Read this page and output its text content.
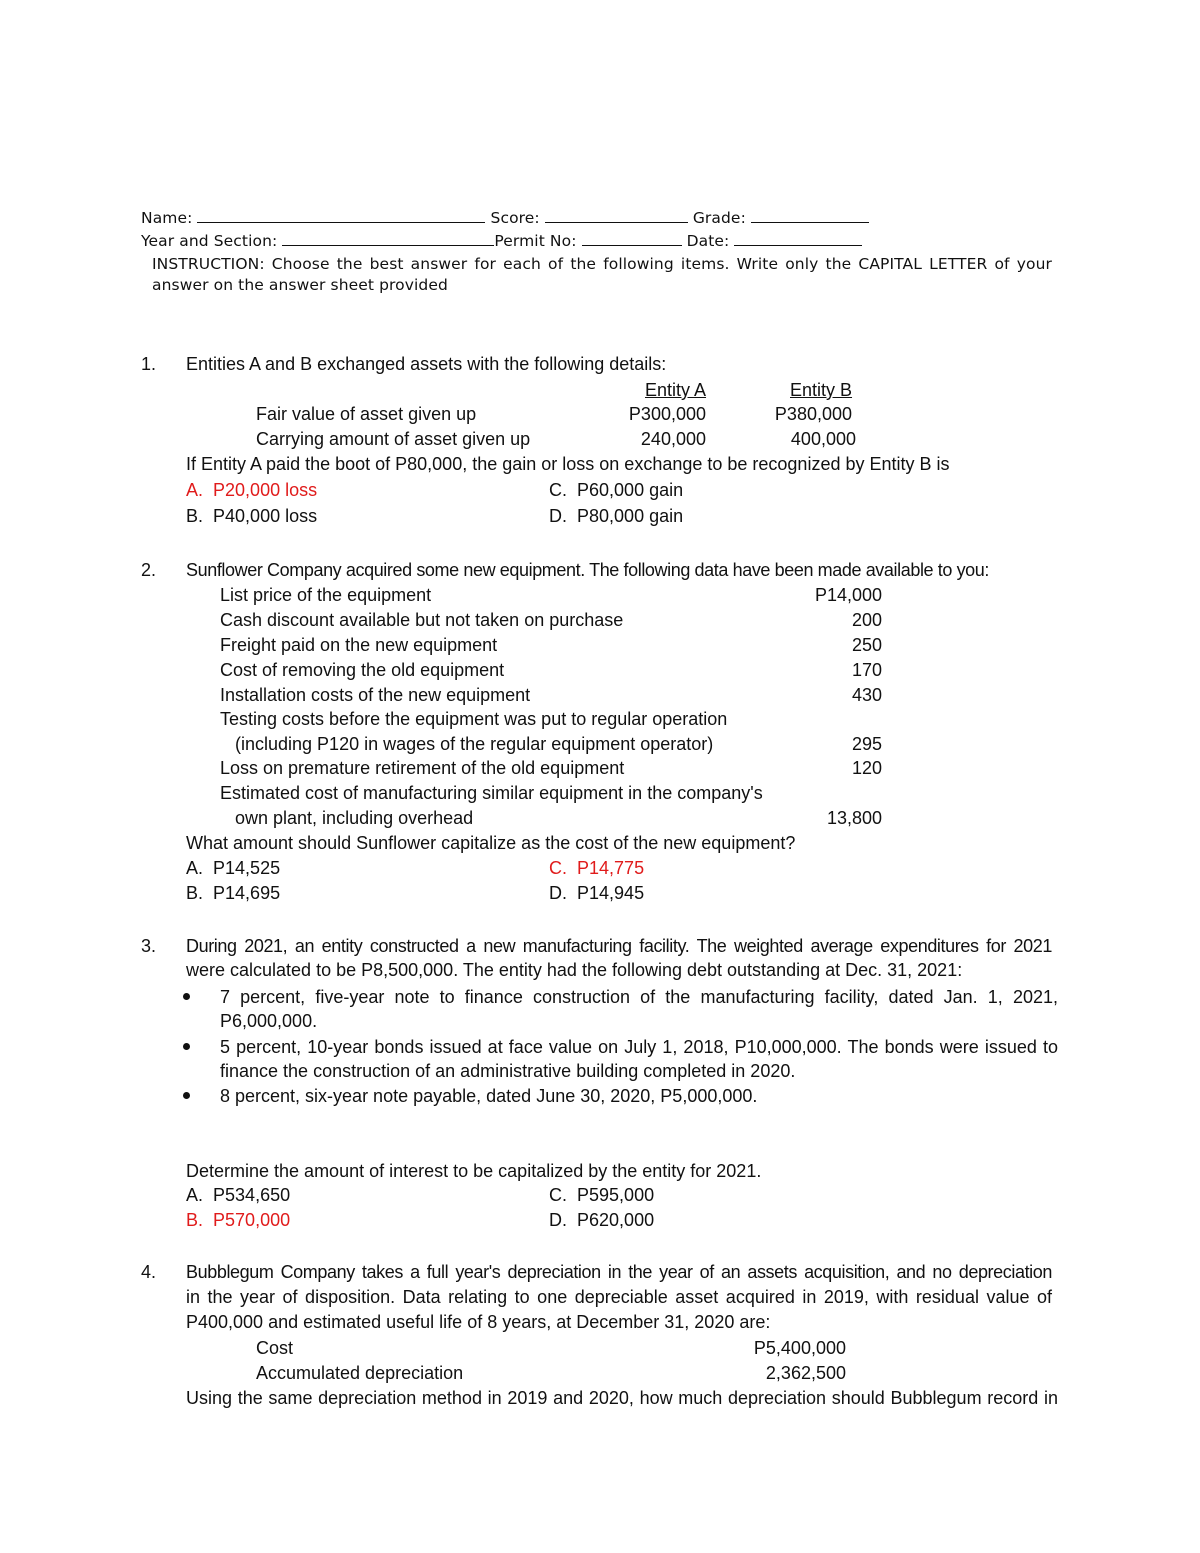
Name:	Score:	Grade:
Year and Section:	Permit No:	Date:
INSTRUCTION: Choose the best answer for each of the following items. Write only the CAPITAL LETTER of your
answer on the answer sheet provided
1. Entities A and B exchanged assets with the following details:
Entity A	Entity B
Fair value of asset given up	P300,000	P380,000
Carrying amount of asset given up	240,000	400,000
If Entity A paid the boot of P80,000, the gain or loss on exchange to be recognized by Entity B is
A. P20,000 loss
B. P40,000 loss
C. P60,000 gain
D. P80,000 gain
2. Sunflower Company acquired some new equipment. The following data have been made available to you:
List price of the equipment	P14,000
Cash discount available but not taken on purchase	200
Freight paid on the new equipment	250
Cost of removing the old equipment	170
Installation costs of the new equipment	430
Testing costs before the equipment was put to regular operation
(including P120 in wages of the regular equipment operator)	295
Loss on premature retirement of the old equipment	120
Estimated cost of manufacturing similar equipment in the company's
own plant, including overhead	13,800
What amount should Sunflower capitalize as the cost of the new equipment?
A. P14,525
B. P14,695
C. P14,775
D. P14,945
3. During 2021, an entity constructed a new manufacturing facility. The weighted average expenditures for 2021
were calculated to be P8,500,000. The entity had the following debt outstanding at Dec. 31, 2021:
7 percent, five-year note to finance construction of the manufacturing facility, dated Jan. 1, 2021,
P6,000,000.
5 percent, 10-year bonds issued at face value on July 1, 2018, P10,000,000. The bonds were issued to
finance the construction of an administrative building completed in 2020.
8 percent, six-year note payable, dated June 30, 2020, P5,000,000.
Determine the amount of interest to be capitalized by the entity for 2021.
A. P534,650
B. P570,000
C. P595,000
D. P620,000
4. Bubblegum Company takes a full year's depreciation in the year of an assets acquisition, and no depreciation
in the year of disposition. Data relating to one depreciable asset acquired in 2019, with residual value of
P400,000 and estimated useful life of 8 years, at December 31, 2020 are:
Cost	P5,400,000
Accumulated depreciation	2,362,500
Using the same depreciation method in 2019 and 2020, how much depreciation should Bubblegum record in
